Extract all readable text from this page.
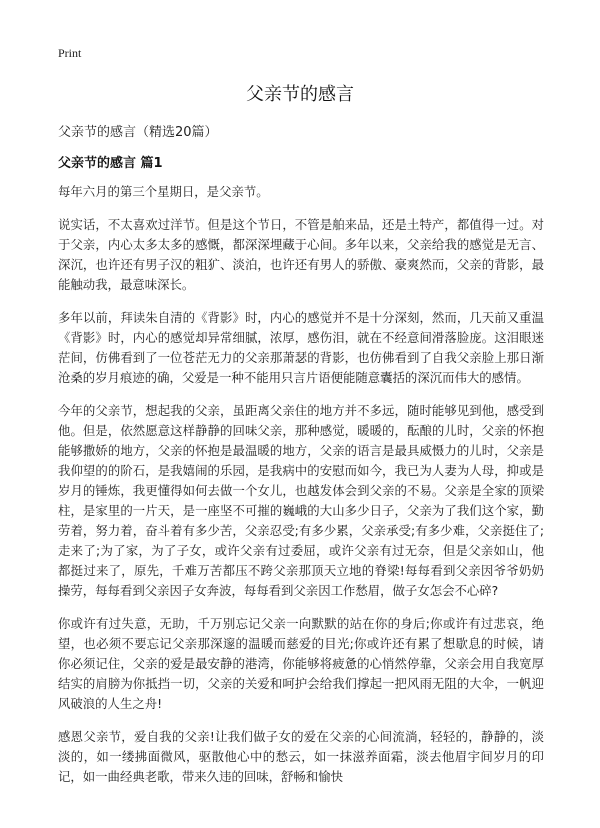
Print
父亲节的感言
父亲节的感言（精选20篇）
父亲节的感言 篇1

每年六月的第三个星期日，是父亲节。

说实话，不太喜欢过洋节。但是这个节日，不管是舶来品，还是土特产，都值得一过。对于父亲，内心太多太多的感慨，都深深埋藏于心间。多年以来，父亲给我的感觉是无言、深沉，也许还有男子汉的粗犷、淡泊，也许还有男人的骄傲、豪爽然而，父亲的背影，最能触动我，最意味深长。

多年以前，拜读朱自清的《背影》时，内心的感觉并不是十分深刻，然而，几天前又重温《背影》时，内心的感觉却异常细腻，浓厚，感伤泪，就在不经意间滑落脸庞。这泪眼迷茫间，仿佛看到了一位苍茫无力的父亲那萧瑟的背影，也仿佛看到了自我父亲脸上那日渐沧桑的岁月痕迹的确，父爱是一种不能用只言片语便能随意囊括的深沉而伟大的感情。

今年的父亲节，想起我的父亲，虽距离父亲住的地方并不多远，随时能够见到他，感受到他。但是，依然愿意这样静静的回味父亲，那种感觉，暖暖的，酝酿的儿时，父亲的怀抱能够撒娇的地方，父亲的怀抱是最温暖的地方，父亲的语言是最具威慑力的儿时，父亲是我仰望的的阶石，是我嬉闹的乐园，是我病中的安慰而如今，我已为人妻为人母，抑或是岁月的锤炼，我更懂得如何去做一个女儿，也越发体会到父亲的不易。父亲是全家的顶梁柱，是家里的一片天，是一座坚不可摧的巍峨的大山多少日子，父亲为了我们这个家，勤劳着，努力着，奋斗着有多少苦，父亲忍受;有多少累，父亲承受;有多少难，父亲挺住了;走来了;为了家，为了子女，或许父亲有过委屈，或许父亲有过无奈，但是父亲如山，他都挺过来了，原先，千难万苦都压不跨父亲那顶天立地的脊梁!每每看到父亲因爷爷奶奶操劳，每每看到父亲因子女奔波，每每看到父亲因工作愁眉，做子女怎会不心碎?

你或许有过失意，无助，千万别忘记父亲一向默默的站在你的身后;你或许有过悲哀，绝望，也必须不要忘记父亲那深邃的温暖而慈爱的目光;你或许还有累了想歇息的时候，请你必须记住，父亲的爱是最安静的港湾，你能够将疲惫的心悄然停靠，父亲会用自我宽厚结实的肩膀为你抵挡一切，父亲的关爱和呵护会给我们撑起一把风雨无阻的大伞，一帆迎风破浪的人生之舟!

感恩父亲节，爱自我的父亲!让我们做子女的爱在父亲的心间流淌，轻轻的，静静的，淡淡的，如一缕拂面微风，驱散他心中的愁云，如一抹滋养面霜，淡去他眉宇间岁月的印记，如一曲经典老歌，带来久违的回味，舒畅和愉快
